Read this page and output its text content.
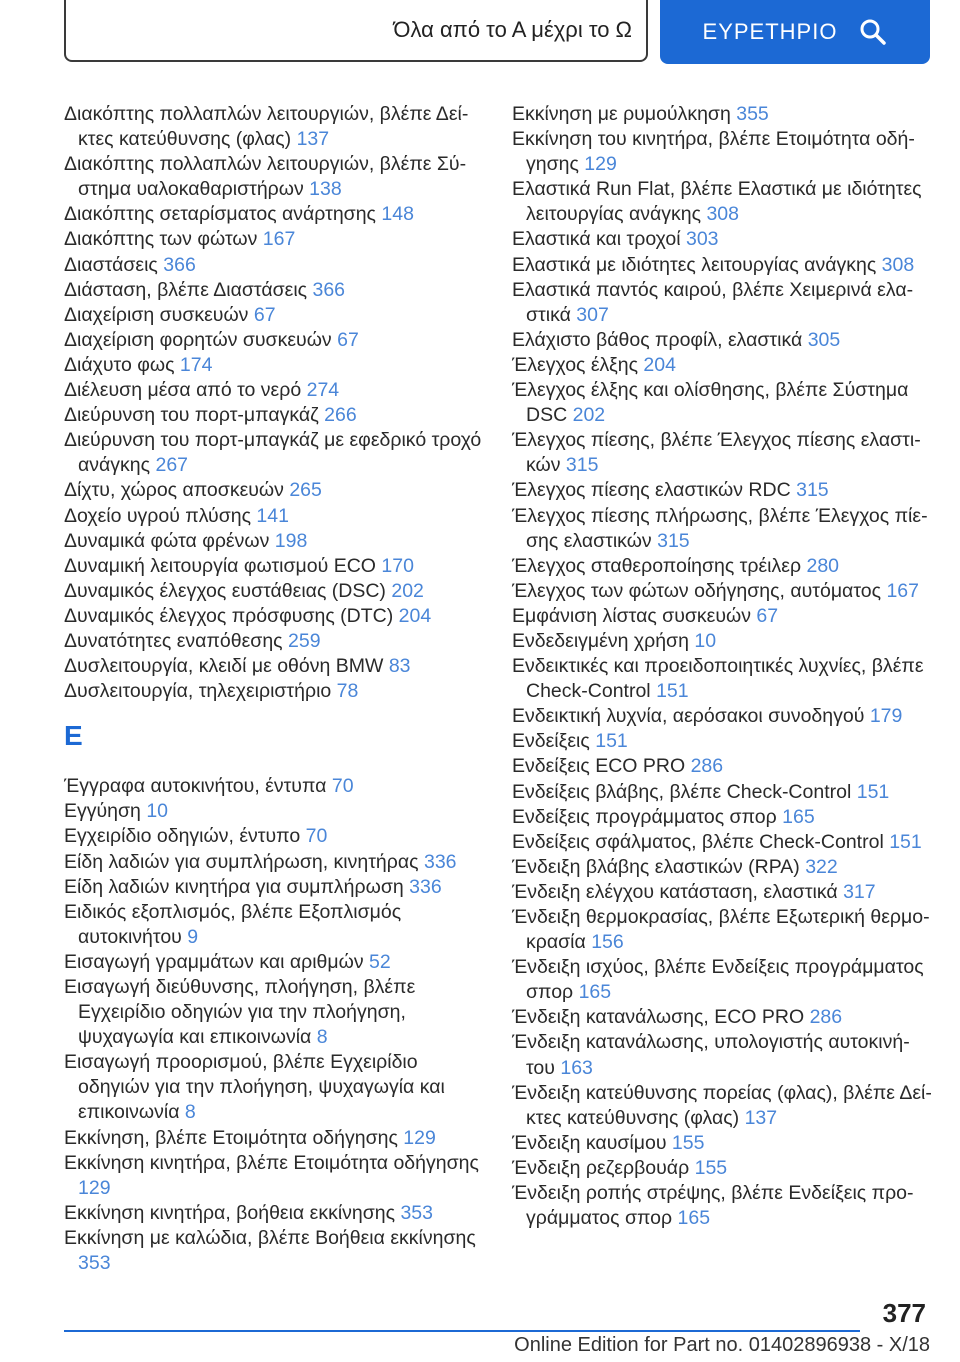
Όλα από το Α μέχρι το Ω	ΕΥΡΕΤΗΡΙΟ

Διακόπτης πολλαπλών λειτουργιών, βλέπε Δείκτες κατεύθυνσης (φλας) 137

Διακόπτης πολλαπλών λειτουργιών, βλέπε Σύστημα υαλοκαθαριστήρων 138

Διακόπτης σεταρίσματος ανάρτησης 148

Διακόπτης των φώτων 167

Διαστάσεις 366

Διάσταση, βλέπε Διαστάσεις 366

Διαχείριση συσκευών 67

Διαχείριση φορητών συσκευών 67

Διάχυτο φως 174

Διέλευση μέσα από το νερό 274

Διεύρυνση του πορτ-μπαγκάζ 266

Διεύρυνση του πορτ-μπαγκάζ με εφεδρικό τροχό ανάγκης 267

Δίχτυ, χώρος αποσκευών 265

Δοχείο υγρού πλύσης 141

Δυναμικά φώτα φρένων 198

Δυναμική λειτουργία φωτισμού ECO 170

Δυναμικός έλεγχος ευστάθειας (DSC) 202

Δυναμικός έλεγχος πρόσφυσης (DTC) 204

Δυνατότητες εναπόθεσης 259

Δυσλειτουργία, κλειδί με οθόνη BMW 83

Δυσλειτουργία, τηλεχειριστήριο 78

Ε

Έγγραφα αυτοκινήτου, έντυπα 70

Εγγύηση 10

Εγχειρίδιο οδηγιών, έντυπο 70

Είδη λαδιών για συμπλήρωση, κινητήρας 336

Είδη λαδιών κινητήρα για συμπλήρωση 336

Ειδικός εξοπλισμός, βλέπε Εξοπλισμός αυτοκινήτου 9

Εισαγωγή γραμμάτων και αριθμών 52

Εισαγωγή διεύθυνσης, πλοήγηση, βλέπε Εγχειρίδιο οδηγιών για την πλοήγηση, ψυχαγωγία και επικοινωνία 8

Εισαγωγή προορισμού, βλέπε Εγχειρίδιο οδηγιών για την πλοήγηση, ψυχαγωγία και επικοινωνία 8

Εκκίνηση, βλέπε Ετοιμότητα οδήγησης 129

Εκκίνηση κινητήρα, βλέπε Ετοιμότητα οδήγησης 129

Εκκίνηση κινητήρα, βοήθεια εκκίνησης 353

Εκκίνηση με καλώδια, βλέπε Βοήθεια εκκίνησης 353

Εκκίνηση με ρυμούλκηση 355

Εκκίνηση του κινητήρα, βλέπε Ετοιμότητα οδήγησης 129

Ελαστικά Run Flat, βλέπε Ελαστικά με ιδιότητες λειτουργίας ανάγκης 308

Ελαστικά και τροχοί 303

Ελαστικά με ιδιότητες λειτουργίας ανάγκης 308

Ελαστικά παντός καιρού, βλέπε Χειμερινά ελαστικά 307

Ελάχιστο βάθος προφίλ, ελαστικά 305

Έλεγχος έλξης 204

Έλεγχος έλξης και ολίσθησης, βλέπε Σύστημα DSC 202

Έλεγχος πίεσης, βλέπε Έλεγχος πίεσης ελαστικών 315

Έλεγχος πίεσης ελαστικών RDC 315

Έλεγχος πίεσης πλήρωσης, βλέπε Έλεγχος πίεσης ελαστικών 315

Έλεγχος σταθεροποίησης τρέιλερ 280

Έλεγχος των φώτων οδήγησης, αυτόματος 167

Εμφάνιση λίστας συσκευών 67

Ενδεδειγμένη χρήση 10

Ενδεικτικές και προειδοποιητικές λυχνίες, βλέπε Check-Control 151

Ενδεικτική λυχνία, αερόσακοι συνοδηγού 179

Ενδείξεις 151

Ενδείξεις ECO PRO 286

Ενδείξεις βλάβης, βλέπε Check-Control 151

Ενδείξεις προγράμματος σπορ 165

Ενδείξεις σφάλματος, βλέπε Check-Control 151

Ένδειξη βλάβης ελαστικών (RPA) 322

Ένδειξη ελέγχου κατάσταση, ελαστικά 317

Ένδειξη θερμοκρασίας, βλέπε Εξωτερική θερμοκρασία 156

Ένδειξη ισχύος, βλέπε Ενδείξεις προγράμματος σπορ 165

Ένδειξη κατανάλωσης, ECO PRO 286

Ένδειξη κατανάλωσης, υπολογιστής αυτοκινήτου 163

Ένδειξη κατεύθυνσης πορείας (φλας), βλέπε Δείκτες κατεύθυνσης (φλας) 137

Ένδειξη καυσίμου 155

Ένδειξη ρεζερβουάρ 155

Ένδειξη ροπής στρέψης, βλέπε Ενδείξεις προγράμματος σπορ 165

377
Online Edition for Part no. 01402896938 - X/18
